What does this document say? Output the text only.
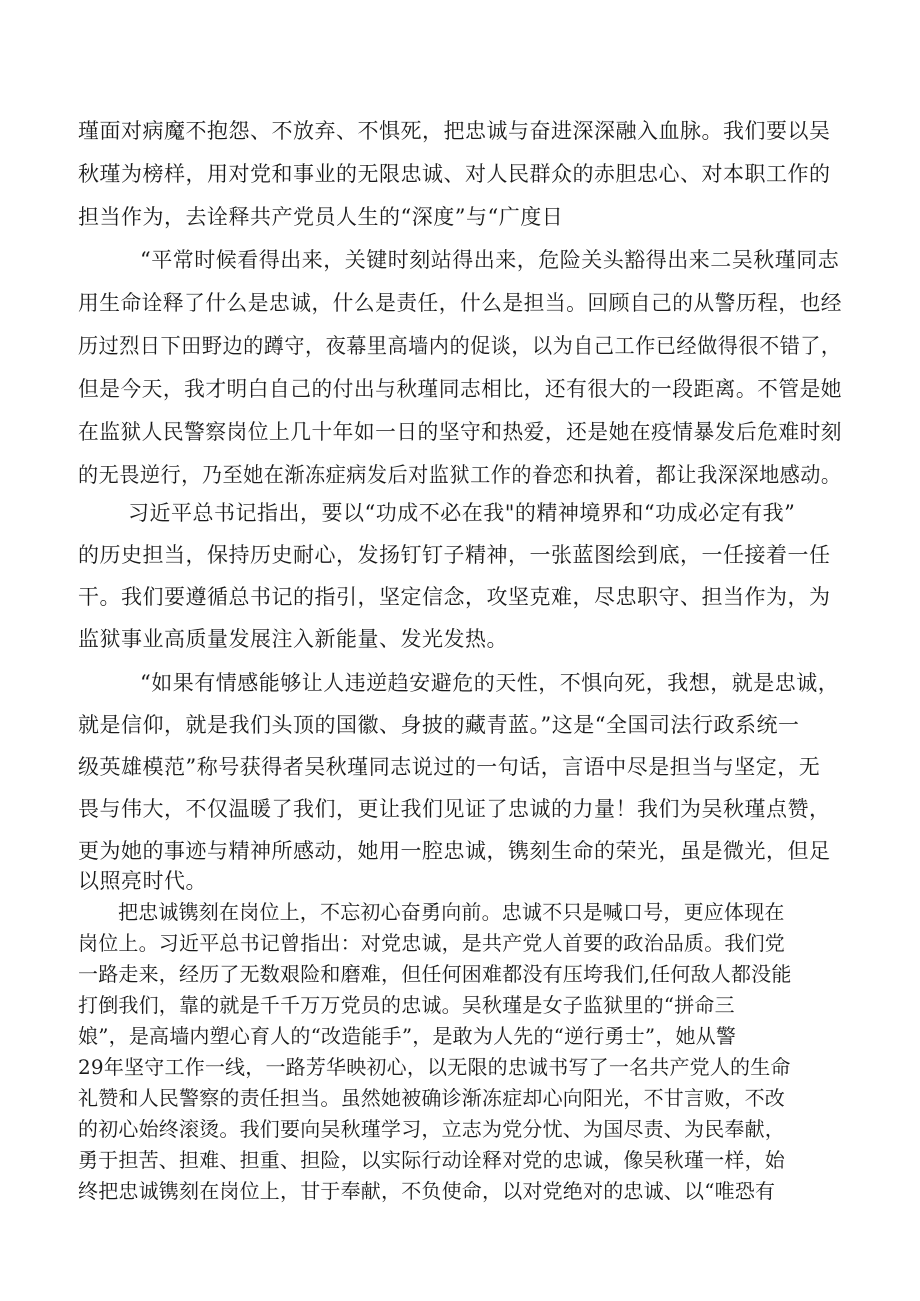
瑾面对病魔不抱怨、不放弃、不惧死，把忠诚与奋进深深融入血脉。我们要以吴
秋瑾为榜样，用对党和事业的无限忠诚、对人民群众的赤胆忠心、对本职工作的
担当作为，去诠释共产党员人生的“深度”与“广度日
“平常时候看得出来，关键时刻站得出来，危险关头豁得出来二吴秋瑾同志
用生命诠释了什么是忠诚，什么是责任，什么是担当。回顾自己的从警历程，也经
历过烈日下田野边的蹲守，夜幕里高墙内的促谈，以为自己工作已经做得很不错了，
但是今天，我才明白自己的付出与秋瑾同志相比，还有很大的一段距离。不管是她
在监狱人民警察岗位上几十年如一日的坚守和热爱，还是她在疫情暴发后危难时刻
的无畏逆行，乃至她在渐冻症病发后对监狱工作的眷恋和执着，都让我深深地感动。
习近平总书记指出，要以“功成不必在我"的精神境界和“功成必定有我”
的历史担当，保持历史耐心，发扬钉钉子精神，一张蓝图绘到底，一任接着一任
干。我们要遵循总书记的指引，坚定信念，攻坚克难，尽忠职守、担当作为，为
监狱事业高质量发展注入新能量、发光发热。
“如果有情感能够让人违逆趋安避危的天性，不惧向死，我想，就是忠诚，
就是信仰，就是我们头顶的国徽、身披的藏青蓝。”这是“全国司法行政系统一
级英雄模范”称号获得者吴秋瑾同志说过的一句话，言语中尽是担当与坚定，无
畏与伟大，不仅温暖了我们，更让我们见证了忠诚的力量！我们为吴秋瑾点赞，
更为她的事迹与精神所感动，她用一腔忠诚，镌刻生命的荣光，虽是微光，但足
以照亮时代。
把忠诚镌刻在岗位上，不忘初心奋勇向前。忠诚不只是喊口号，更应体现在
岗位上。习近平总书记曾指出：对党忠诚，是共产党人首要的政治品质。我们党
一路走来，经历了无数艰险和磨难，但任何困难都没有压垮我们,任何敌人都没能
打倒我们，靠的就是千千万万党员的忠诚。吴秋瑾是女子监狱里的“拼命三
娘”，是高墙内塑心育人的“改造能手”，是敢为人先的“逆行勇士”，她从警
29年坚守工作一线，一路芳华映初心，以无限的忠诚书写了一名共产党人的生命
礼赞和人民警察的责任担当。虽然她被确诊渐冻症却心向阳光，不甘言败，不改
的初心始终滚烫。我们要向吴秋瑾学习，立志为党分忧、为国尽责、为民奉献，
勇于担苦、担难、担重、担险，以实际行动诠释对党的忠诚，像吴秋瑾一样，始
终把忠诚镌刻在岗位上，甘于奉献，不负使命，以对党绝对的忠诚、以“唯恐有
